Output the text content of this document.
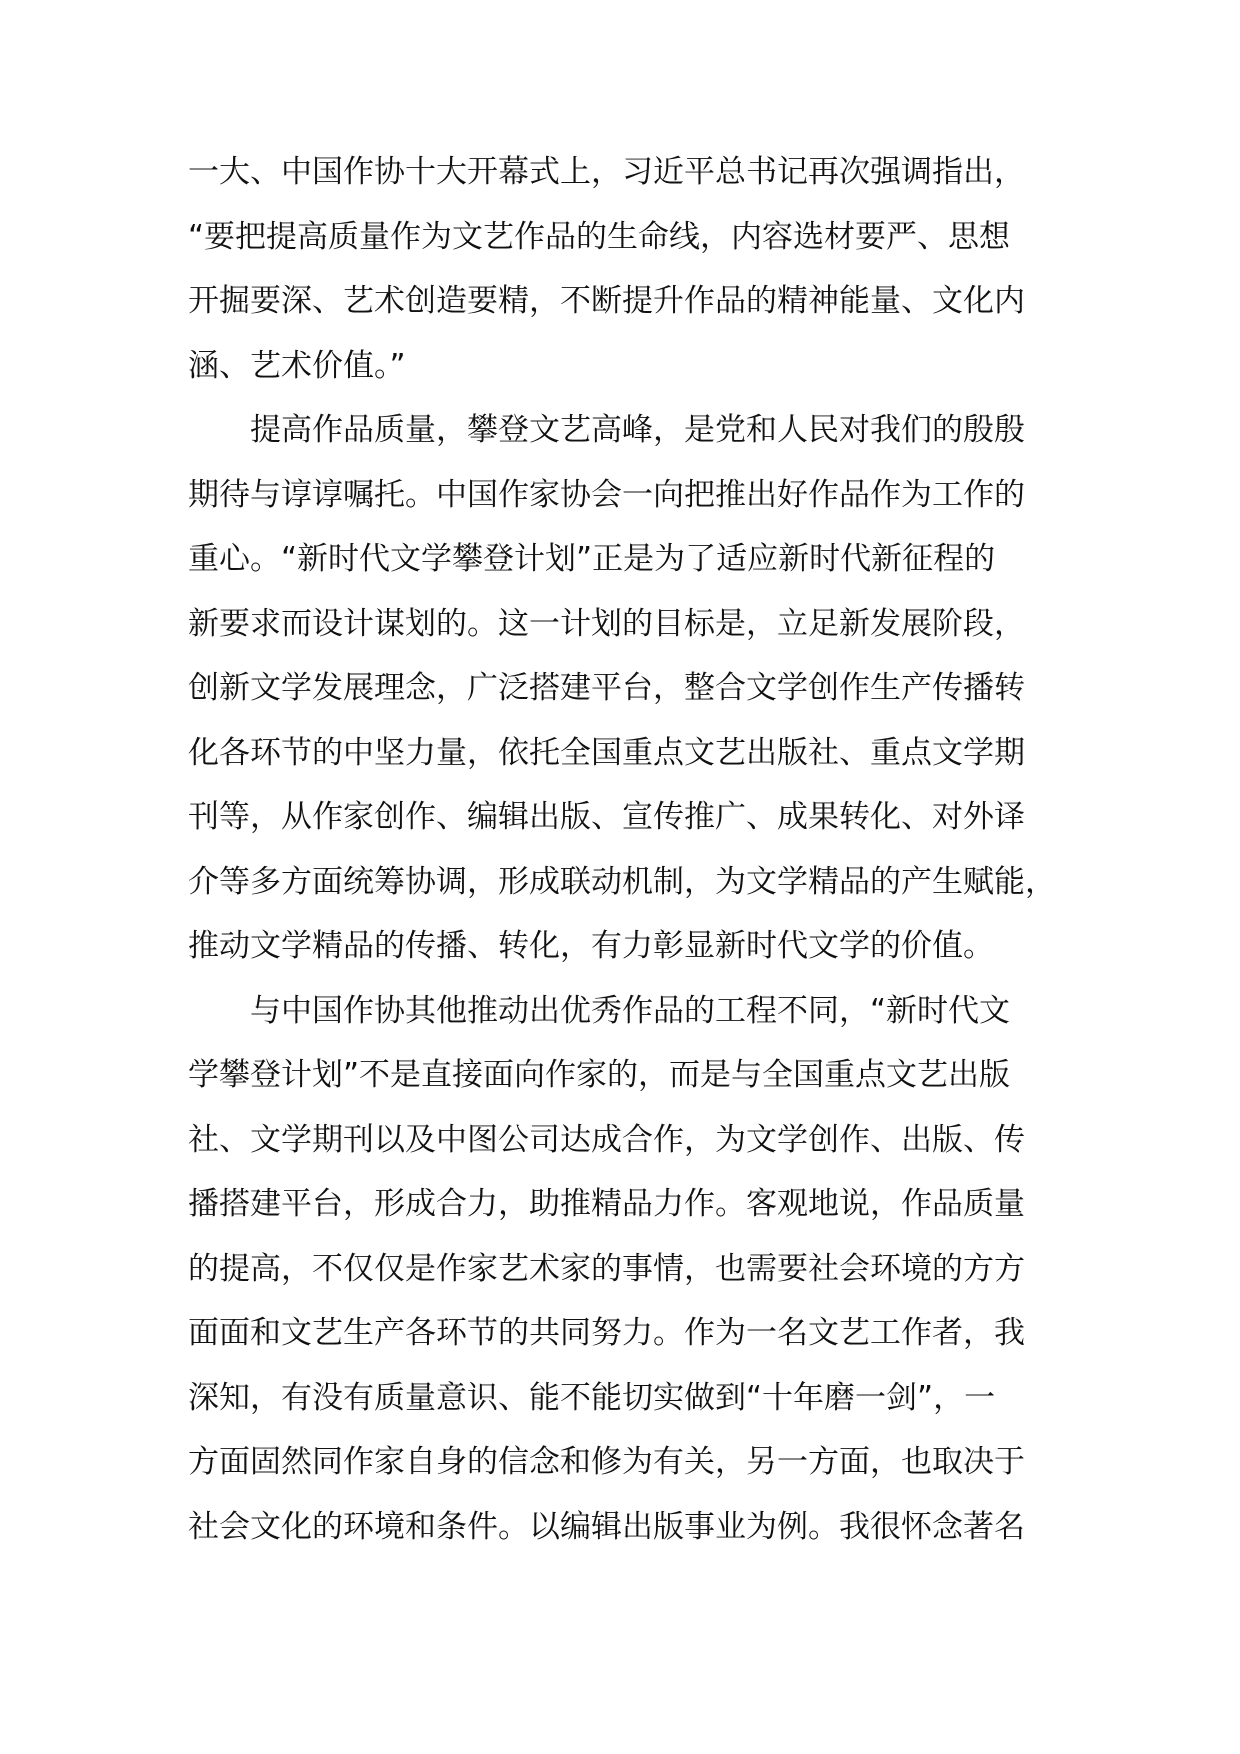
一大、中国作协十大开幕式上，习近平总书记再次强调指出，

“要把提高质量作为文艺作品的生命线，内容选材要严、思想

开掘要深、艺术创造要精，不断提升作品的精神能量、文化内

涵、艺术价值。”

提高作品质量，攀登文艺高峰，是党和人民对我们的殷殷

期待与谆谆嘱托。中国作家协会一向把推出好作品作为工作的

重心。“新时代文学攀登计划”正是为了适应新时代新征程的

新要求而设计谋划的。这一计划的目标是，立足新发展阶段，

创新文学发展理念，广泛搭建平台，整合文学创作生产传播转

化各环节的中坚力量，依托全国重点文艺出版社、重点文学期

刊等，从作家创作、编辑出版、宣传推广、成果转化、对外译

介等多方面统筹协调，形成联动机制，为文学精品的产生赋能，

推动文学精品的传播、转化，有力彰显新时代文学的价值。

与中国作协其他推动出优秀作品的工程不同，“新时代文

学攀登计划”不是直接面向作家的，而是与全国重点文艺出版

社、文学期刊以及中图公司达成合作，为文学创作、出版、传

播搭建平台，形成合力，助推精品力作。客观地说，作品质量

的提高，不仅仅是作家艺术家的事情，也需要社会环境的方方

面面和文艺生产各环节的共同努力。作为一名文艺工作者，我

深知，有没有质量意识、能不能切实做到“十年磨一剑”，一

方面固然同作家自身的信念和修为有关，另一方面，也取决于

社会文化的环境和条件。以编辑出版事业为例。我很怀念著名
